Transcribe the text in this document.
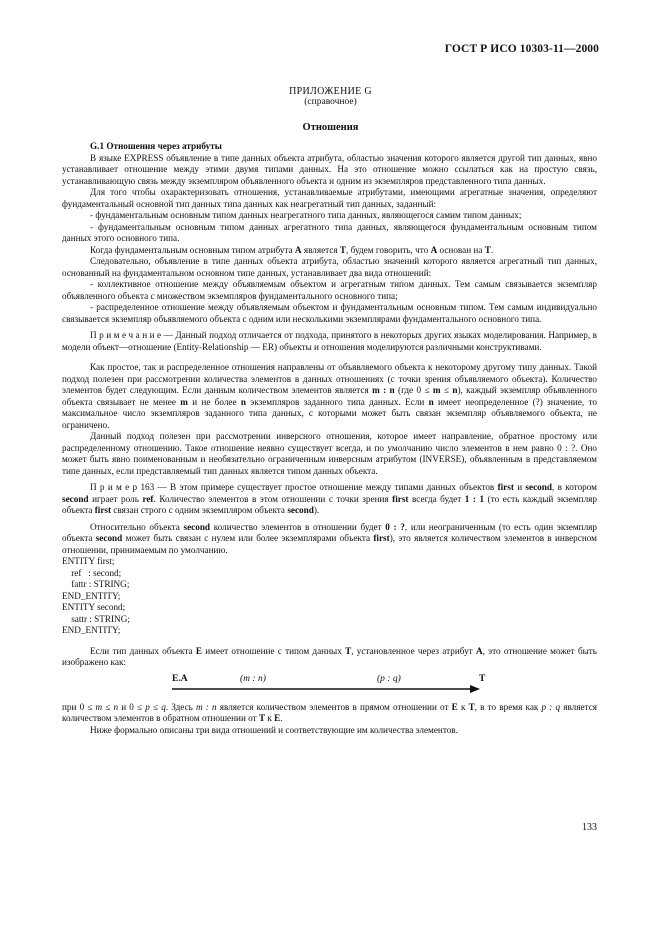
ГОСТ Р ИСО 10303-11—2000
ПРИЛОЖЕНИЕ G
(справочное)
Отношения

G.1 Отношения через атрибуты

В языке EXPRESS объявление в типе данных объекта атрибута, областью значения которого является другой тип данных, явно устанавливает отношение между этими двумя типами данных. На это отношение можно ссылаться как на простую связь, устанавливающую связь между экземпляром объявленного объекта и одним из экземпляров представленного типа данных.

Для того чтобы охарактеризовать отношения, устанавливаемые атрибутами, имеющими агрегатные значения, определяют фундаментальный основной тип данных типа данных как неагрегатный тип данных, заданный:

- фундаментальным основным типом данных неагрегатного типа данных, являющегося самим типом данных;

- фундаментальным основным типом данных агрегатного типа данных, являющегося фундаментальным основным типом данных этого основного типа.

Когда фундаментальным основным типом атрибута A является T, будем говорить, что A основан на T.

Следовательно, объявление в типе данных объекта атрибута, областью значений которого является агрегатный тип данных, основанный на фундаментальном основном типе данных, устанавливает два вида отношений:

- коллективное отношение между объявляемым объектом и агрегатным типом данных. Тем самым связывается экземпляр объявленного объекта с множеством экземпляров фундаментального основного типа;

- распределенное отношение между объявляемым объектом и фундаментальным основным типом. Тем самым индивидуально связывается экземпляр объявляемого объекта с одним или несколькими экземплярами фундаментального основного типа.

П р и м е ч а н и е — Данный подход отличается от подхода, принятого в некоторых других языках моделирования. Например, в модели объект—отношение (Entity-Relationship — ER) объекты и отношения моделируются различными конструктивами.

Как простое, так и распределенное отношения направлены от объявляемого объекта к некоторому другому типу данных. Такой подход полезен при рассмотрении количества элементов в данных отношениях (с точки зрения объявляемого объекта). Количество элементов будет следующим. Если данным количеством элементов является m : n (где 0 ≤ m ≤ n), каждый экземпляр объявленного объекта связывает не менее m и не более n экземпляров заданного типа данных. Если n имеет неопределенное (?) значение, то максимальное число экземпляров заданного типа данных, с которыми может быть связан экземпляр объявляемого объекта, не ограничено.

Данный подход полезен при рассмотрении инверсного отношения, которое имеет направление, обратное простому или распределенному отношению. Такое отношение неявно существует всегда, и по умолчанию число элементов в нем равно 0 : ?. Оно может быть явно поименованным и необязательно ограниченным инверсным атрибутом (INVERSE), объявленным в представляемом типе данных, если представляемый тип данных является типом данных объекта.

П р и м е р 163 — В этом примере существует простое отношение между типами данных объектов first и second, в котором second играет роль ref. Количество элементов в этом отношении с точки зрения first всегда будет 1 : 1 (то есть каждый экземпляр объекта first связан строго с одним экземпляром объекта second).

Относительно объекта second количество элементов в отношении будет 0 : ?, или неограниченным (то есть один экземпляр объекта second может быть связан с нулем или более экземплярами объекта first), это является количеством элементов в инверсном отношении, принимаемым по умолчанию.

ENTITY first;
ref   : second;
fattr : STRING;
END_ENTITY;
ENTITY second;
sattr : STRING;
END_ENTITY;

Если тип данных объекта E имеет отношение с типом данных T, установленное через атрибут A, это отношение может быть изображено как:

E.A	(m : n)	(p : q)	T

при 0 ≤ m ≤ n и 0 ≤ p ≤ q. Здесь m : n является количеством элементов в прямом отношении от E к T, в то время как p : q является количеством элементов в обратном отношении от T к E.

Ниже формально описаны три вида отношений и соответствующие им количества элементов.

133
